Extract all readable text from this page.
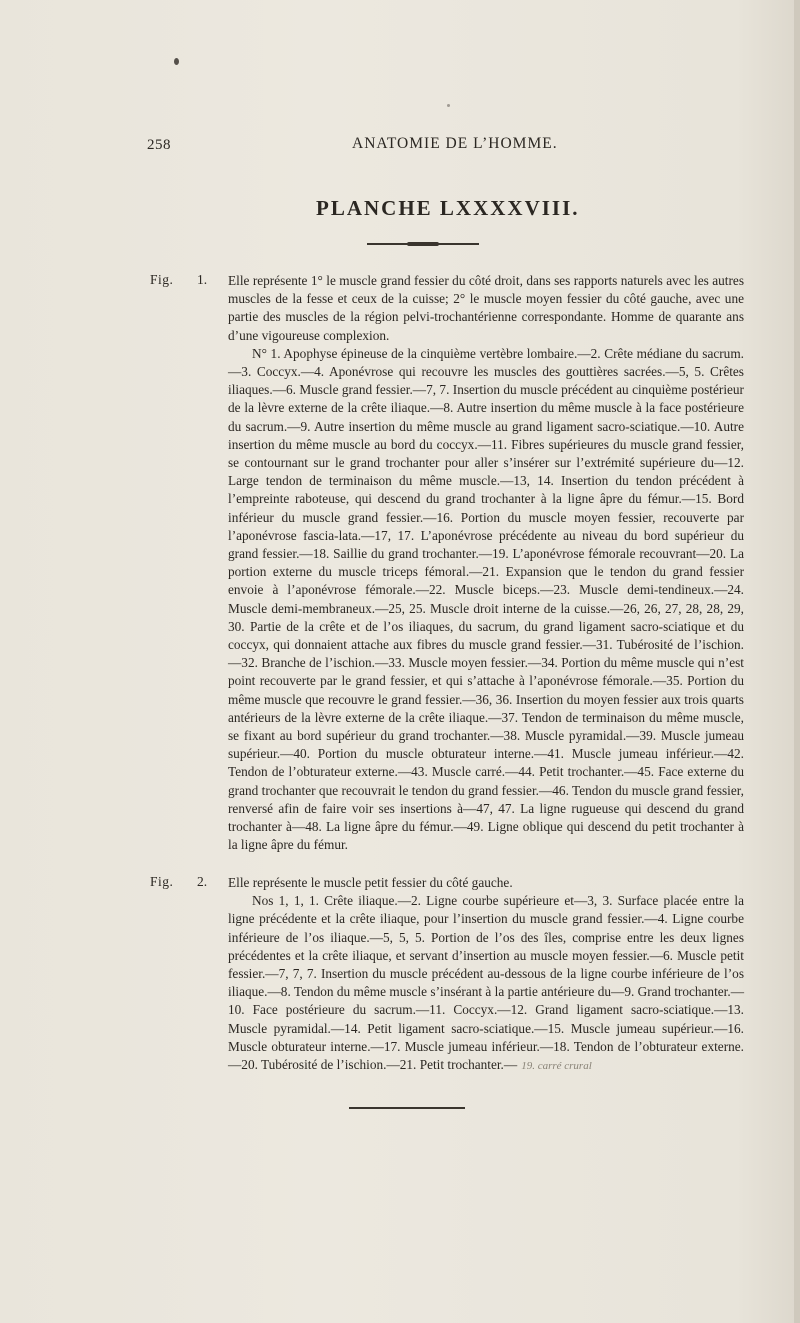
258	ANATOMIE DE L’HOMME.
PLANCHE LXXXXVIII.
Fig. 1. Elle représente 1° le muscle grand fessier du côté droit, dans ses rapports naturels avec les autres muscles de la fesse et ceux de la cuisse; 2° le muscle moyen fessier du côté gauche, avec une partie des muscles de la région pelvi-trochantérienne correspondante. Homme de quarante ans d’une vigoureuse complexion.

N° 1. Apophyse épineuse de la cinquième vertèbre lombaire.—2. Crête médiane du sacrum.—3. Coccyx.—4. Aponévrose qui recouvre les muscles des gouttières sacrées.—5, 5. Crêtes iliaques.—6. Muscle grand fessier.—7, 7. Insertion du muscle précédent au cinquième postérieur de la lèvre externe de la crête iliaque.—8. Autre insertion du même muscle à la face postérieure du sacrum.—9. Autre insertion du même muscle au grand ligament sacro-sciatique.—10. Autre insertion du même muscle au bord du coccyx.—11. Fibres supérieures du muscle grand fessier, se contournant sur le grand trochanter pour aller s’insérer sur l’extrémité supérieure du—12. Large tendon de terminaison du même muscle.—13, 14. Insertion du tendon précédent à l’empreinte raboteuse, qui descend du grand trochanter à la ligne âpre du fémur.—15. Bord inférieur du muscle grand fessier.—16. Portion du muscle moyen fessier, recouverte par l’aponévrose fascia-lata.—17, 17. L’aponévrose précédente au niveau du bord supérieur du grand fessier.—18. Saillie du grand trochanter.—19. L’aponévrose fémorale recouvrant—20. La portion externe du muscle triceps fémoral.—21. Expansion que le tendon du grand fessier envoie à l’aponévrose fémorale.—22. Muscle biceps.—23. Muscle demi-tendineux.—24. Muscle demi-membraneux.—25, 25. Muscle droit interne de la cuisse.—26, 26, 27, 28, 28, 29, 30. Partie de la crête et de l’os iliaques, du sacrum, du grand ligament sacro-sciatique et du coccyx, qui donnaient attache aux fibres du muscle grand fessier.—31. Tubérosité de l’ischion.—32. Branche de l’ischion.—33. Muscle moyen fessier.—34. Portion du même muscle qui n’est point recouverte par le grand fessier, et qui s’attache à l’aponévrose fémorale.—35. Portion du même muscle que recouvre le grand fessier.—36, 36. Insertion du moyen fessier aux trois quarts antérieurs de la lèvre externe de la crête iliaque.—37. Tendon de terminaison du même muscle, se fixant au bord supérieur du grand trochanter.—38. Muscle pyramidal.—39. Muscle jumeau supérieur.—40. Portion du muscle obturateur interne.—41. Muscle jumeau inférieur.—42. Tendon de l’obturateur externe.—43. Muscle carré.—44. Petit trochanter.—45. Face externe du grand trochanter que recouvrait le tendon du grand fessier.—46. Tendon du muscle grand fessier, renversé afin de faire voir ses insertions à—47, 47. La ligne rugueuse qui descend du grand trochanter à—48. La ligne âpre du fémur.—49. Ligne oblique qui descend du petit trochanter à la ligne âpre du fémur.

Fig. 2. Elle représente le muscle petit fessier du côté gauche.

Nos 1, 1, 1. Crête iliaque.—2. Ligne courbe supérieure et—3, 3. Surface placée entre la ligne précédente et la crête iliaque, pour l’insertion du muscle grand fessier.—4. Ligne courbe inférieure de l’os iliaque.—5, 5, 5. Portion de l’os des îles, comprise entre les deux lignes précédentes et la crête iliaque, et servant d’insertion au muscle moyen fessier.—6. Muscle petit fessier.—7, 7, 7. Insertion du muscle précédent au-dessous de la ligne courbe inférieure de l’os iliaque.—8. Tendon du même muscle s’insérant à la partie antérieure du—9. Grand trochanter.—10. Face postérieure du sacrum.—11. Coccyx.—12. Grand ligament sacro-sciatique.—13. Muscle pyramidal.—14. Petit ligament sacro-sciatique.—15. Muscle jumeau supérieur.—16. Muscle obturateur interne.—17. Muscle jumeau inférieur.—18. Tendon de l’obturateur externe.—20. Tubérosité de l’ischion.—21. Petit trochanter.— 19. carré crural
